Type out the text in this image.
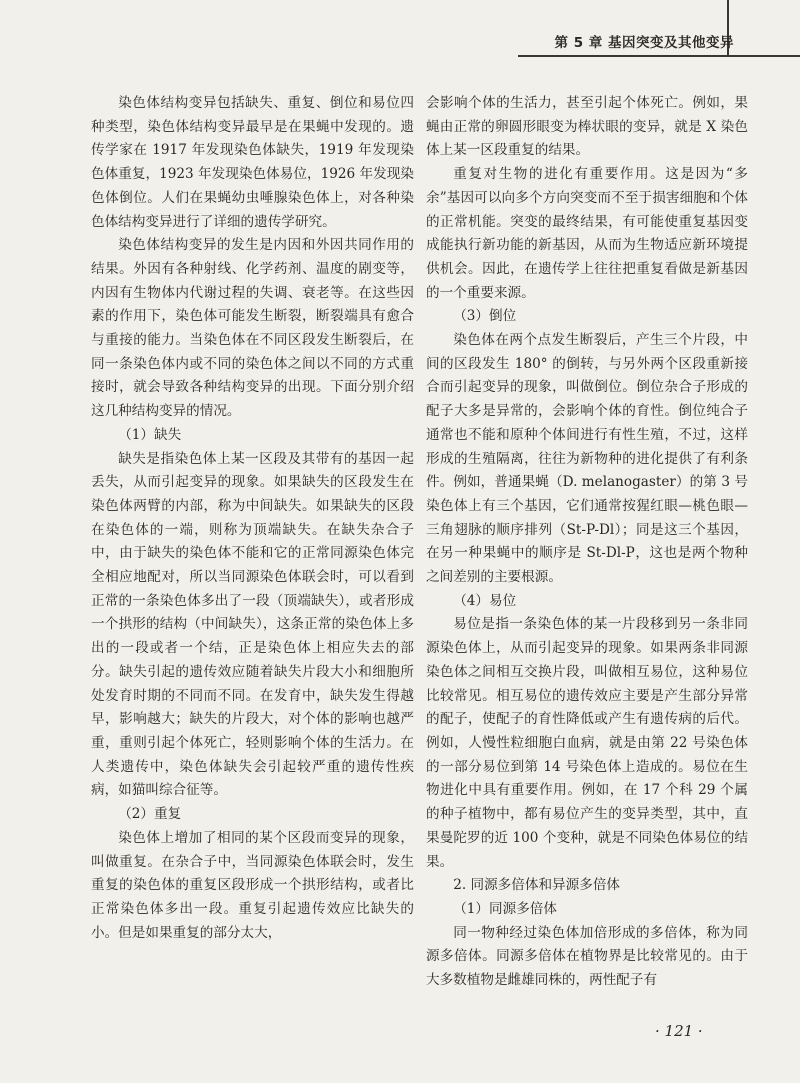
第 5 章 基因突变及其他变异

染色体结构变异包括缺失、重复、倒位和易位四种类型，染色体结构变异最早是在果蝇中发现的。遗传学家在 1917 年发现染色体缺失，1919 年发现染色体重复，1923 年发现染色体易位，1926 年发现染色体倒位。人们在果蝇幼虫唾腺染色体上，对各种染色体结构变异进行了详细的遗传学研究。

染色体结构变异的发生是内因和外因共同作用的结果。外因有各种射线、化学药剂、温度的剧变等，内因有生物体内代谢过程的失调、衰老等。在这些因素的作用下，染色体可能发生断裂，断裂端具有愈合与重接的能力。当染色体在不同区段发生断裂后，在同一条染色体内或不同的染色体之间以不同的方式重接时，就会导致各种结构变异的出现。下面分别介绍这几种结构变异的情况。

（1）缺失

缺失是指染色体上某一区段及其带有的基因一起丢失，从而引起变异的现象。如果缺失的区段发生在染色体两臂的内部，称为中间缺失。如果缺失的区段在染色体的一端，则称为顶端缺失。在缺失杂合子中，由于缺失的染色体不能和它的正常同源染色体完全相应地配对，所以当同源染色体联会时，可以看到正常的一条染色体多出了一段（顶端缺失），或者形成一个拱形的结构（中间缺失），这条正常的染色体上多出的一段或者一个结，正是染色体上相应失去的部分。缺失引起的遗传效应随着缺失片段大小和细胞所处发育时期的不同而不同。在发育中，缺失发生得越早，影响越大；缺失的片段大，对个体的影响也越严重，重则引起个体死亡，轻则影响个体的生活力。在人类遗传中，染色体缺失会引起较严重的遗传性疾病，如猫叫综合征等。

（2）重复

染色体上增加了相同的某个区段而变异的现象，叫做重复。在杂合子中，当同源染色体联会时，发生重复的染色体的重复区段形成一个拱形结构，或者比正常染色体多出一段。重复引起遗传效应比缺失的小。但是如果重复的部分太大，

会影响个体的生活力，甚至引起个体死亡。例如，果蝇由正常的卵圆形眼变为棒状眼的变异，就是 X 染色体上某一区段重复的结果。

重复对生物的进化有重要作用。这是因为“多余”基因可以向多个方向突变而不至于损害细胞和个体的正常机能。突变的最终结果，有可能使重复基因变成能执行新功能的新基因，从而为生物适应新环境提供机会。因此，在遗传学上往往把重复看做是新基因的一个重要来源。

（3）倒位

染色体在两个点发生断裂后，产生三个片段，中间的区段发生 180° 的倒转，与另外两个区段重新接合而引起变异的现象，叫做倒位。倒位杂合子形成的配子大多是异常的，会影响个体的育性。倒位纯合子通常也不能和原种个体间进行有性生殖，不过，这样形成的生殖隔离，往往为新物种的进化提供了有利条件。例如，普通果蝇（D. melanogaster）的第 3 号染色体上有三个基因，它们通常按猩红眼—桃色眼—三角翅脉的顺序排列（St-P-Dl）；同是这三个基因，在另一种果蝇中的顺序是 St-Dl-P，这也是两个物种之间差别的主要根源。

（4）易位

易位是指一条染色体的某一片段移到另一条非同源染色体上，从而引起变异的现象。如果两条非同源染色体之间相互交换片段，叫做相互易位，这种易位比较常见。相互易位的遗传效应主要是产生部分异常的配子，使配子的育性降低或产生有遗传病的后代。例如，人慢性粒细胞白血病，就是由第 22 号染色体的一部分易位到第 14 号染色体上造成的。易位在生物进化中具有重要作用。例如，在 17 个科 29 个属的种子植物中，都有易位产生的变异类型，其中，直果曼陀罗的近 100 个变种，就是不同染色体易位的结果。

2. 同源多倍体和异源多倍体

（1）同源多倍体

同一物种经过染色体加倍形成的多倍体，称为同源多倍体。同源多倍体在植物界是比较常见的。由于大多数植物是雌雄同株的，两性配子有

· 121 ·
